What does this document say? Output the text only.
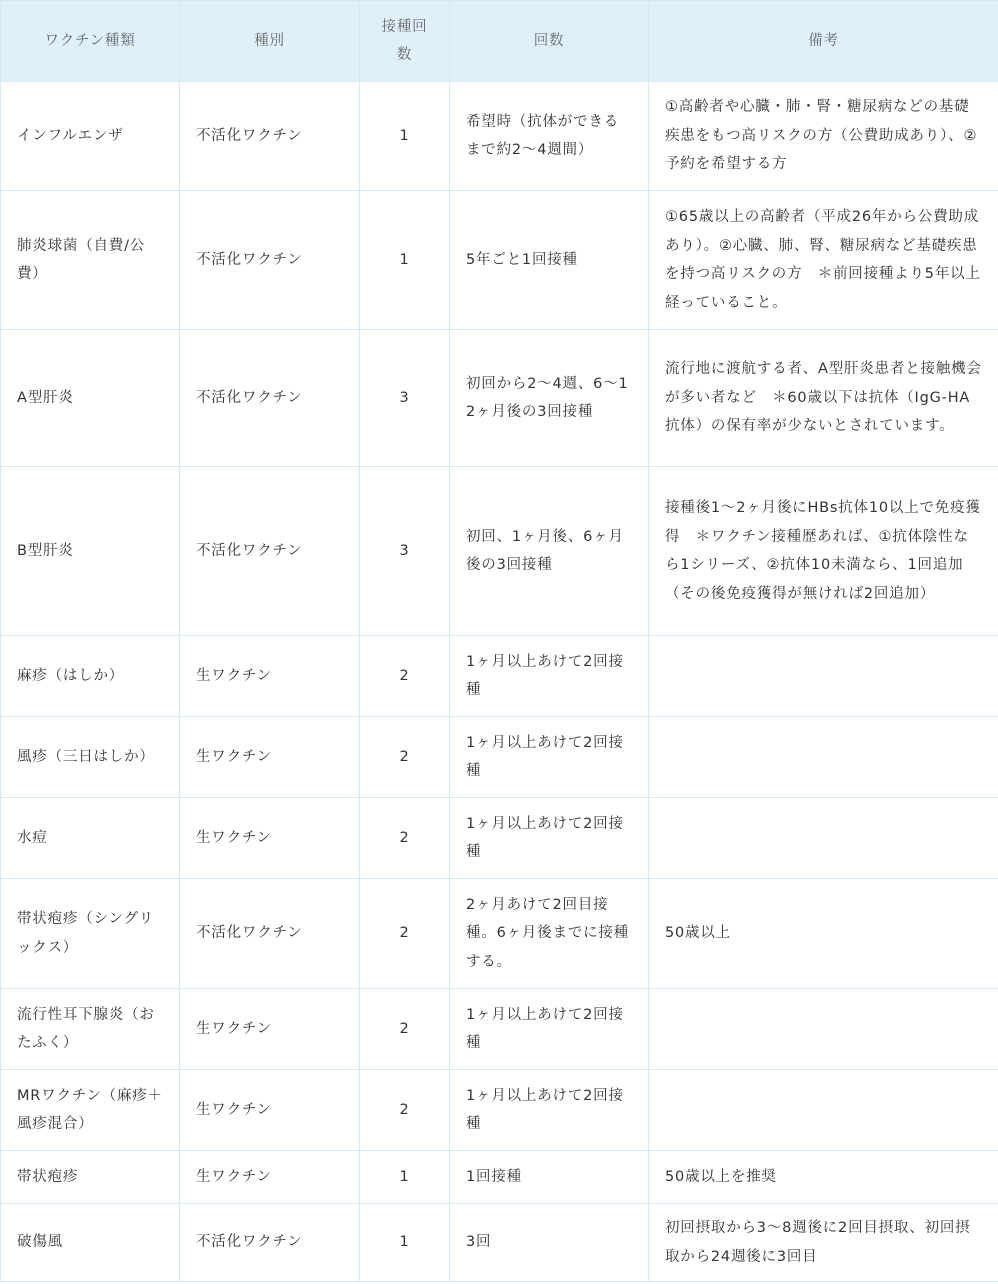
ワクチン種類	種別	接種回数	回数	備考
インフルエンザ	不活化ワクチン	1	希望時（抗体ができるまで約2〜4週間）	①高齢者や心臓・肺・腎・糖尿病などの基礎疾患をもつ高リスクの方（公費助成あり）、②予約を希望する方
肺炎球菌（自費/公費）	不活化ワクチン	1	5年ごと1回接種	①65歳以上の高齢者（平成26年から公費助成あり）。②心臓、肺、腎、糖尿病など基礎疾患を持つ高リスクの方　＊前回接種より5年以上経っていること。
A型肝炎	不活化ワクチン	3	初回から2〜4週、6〜12ヶ月後の3回接種	流行地に渡航する者、A型肝炎患者と接触機会が多い者など　＊60歳以下は抗体（IgG-HA抗体）の保有率が少ないとされています。
B型肝炎	不活化ワクチン	3	初回、1ヶ月後、6ヶ月後の3回接種	接種後1〜2ヶ月後にHBs抗体10以上で免疫獲得　＊ワクチン接種歴あれば、①抗体陰性なら1シリーズ、②抗体10未満なら、1回追加（その後免疫獲得が無ければ2回追加）
麻疹（はしか）	生ワクチン	2	1ヶ月以上あけて2回接種	
風疹（三日はしか）	生ワクチン	2	1ヶ月以上あけて2回接種	
水痘	生ワクチン	2	1ヶ月以上あけて2回接種	
帯状疱疹（シングリックス）	不活化ワクチン	2	2ヶ月あけて2回目接種。6ヶ月後までに接種する。	50歳以上
流行性耳下腺炎（おたふく）	生ワクチン	2	1ヶ月以上あけて2回接種	
MRワクチン（麻疹＋風疹混合）	生ワクチン	2	1ヶ月以上あけて2回接種	
帯状疱疹	生ワクチン	1	1回接種	50歳以上を推奨
破傷風	不活化ワクチン	1	3回	初回摂取から3〜8週後に2回目摂取、初回摂取から24週後に3回目
